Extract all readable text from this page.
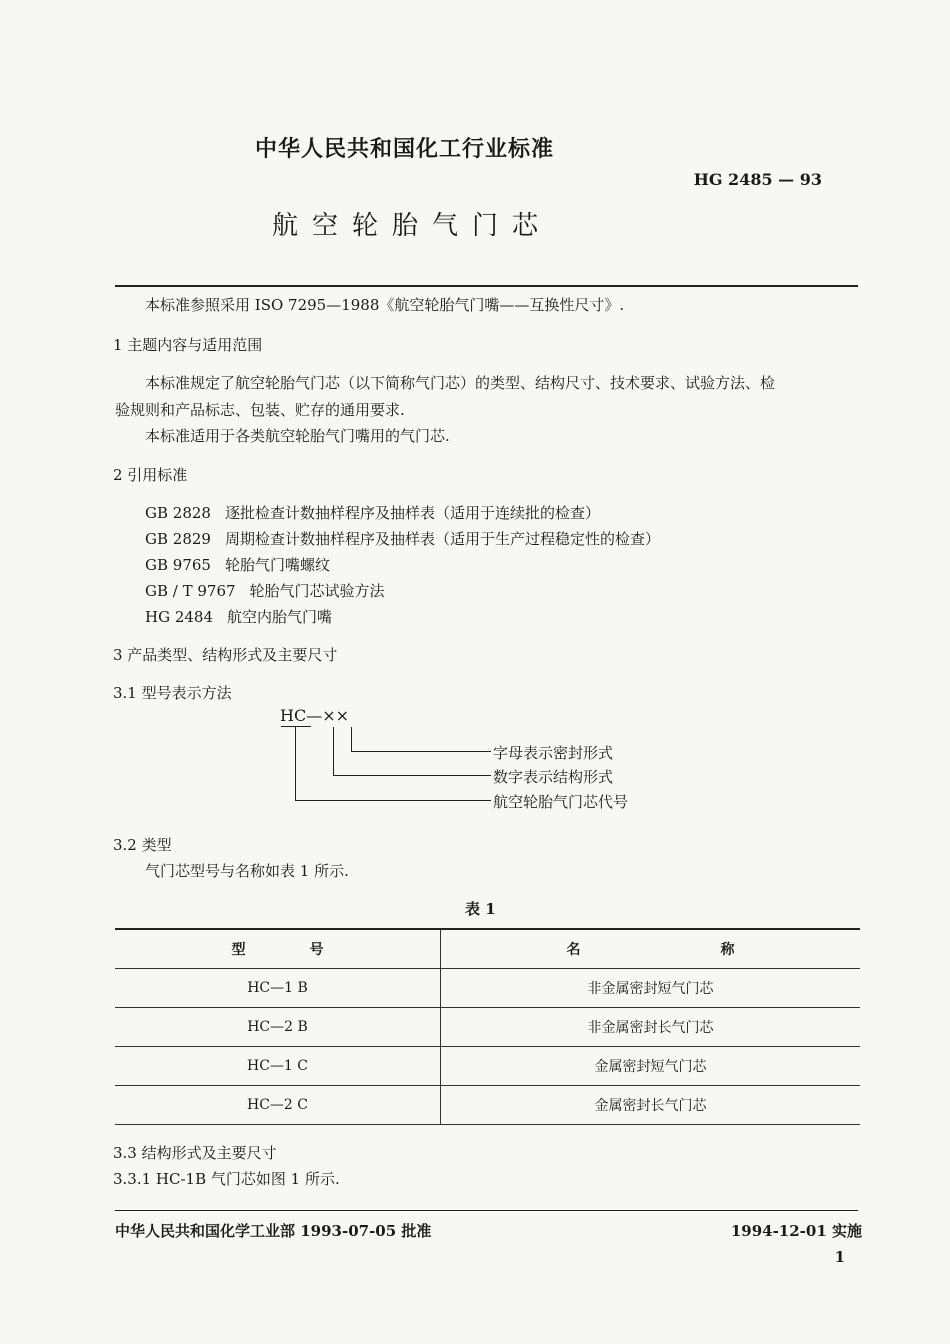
中华人民共和国化工行业标准
HG 2485 — 93
航空轮胎气门芯
本标准参照采用 ISO 7295—1988《航空轮胎气门嘴——互换性尺寸》.
1 主题内容与适用范围
本标准规定了航空轮胎气门芯（以下简称气门芯）的类型、结构尺寸、技术要求、试验方法、检
验规则和产品标志、包装、贮存的通用要求.
本标准适用于各类航空轮胎气门嘴用的气门芯.
2 引用标准
GB 2828 逐批检查计数抽样程序及抽样表（适用于连续批的检查）
GB 2829 周期检查计数抽样程序及抽样表（适用于生产过程稳定性的检查）
GB 9765 轮胎气门嘴螺纹
GB / T 9767 轮胎气门芯试验方法
HG 2484 航空内胎气门嘴
3 产品类型、结构形式及主要尺寸
3.1 型号表示方法
HC—××
字母表示密封形式
数字表示结构形式
航空轮胎气门芯代号
3.2 类型
气门芯型号与名称如表 1 所示.
表 1
型 号	名 称
HC—1 B	非金属密封短气门芯
HC—2 B	非金属密封长气门芯
HC—1 C	金属密封短气门芯
HC—2 C	金属密封长气门芯
3.3 结构形式及主要尺寸
3.3.1 HC-1B 气门芯如图 1 所示.
中华人民共和国化学工业部 1993-07-05 批准	1994-12-01 实施
1
